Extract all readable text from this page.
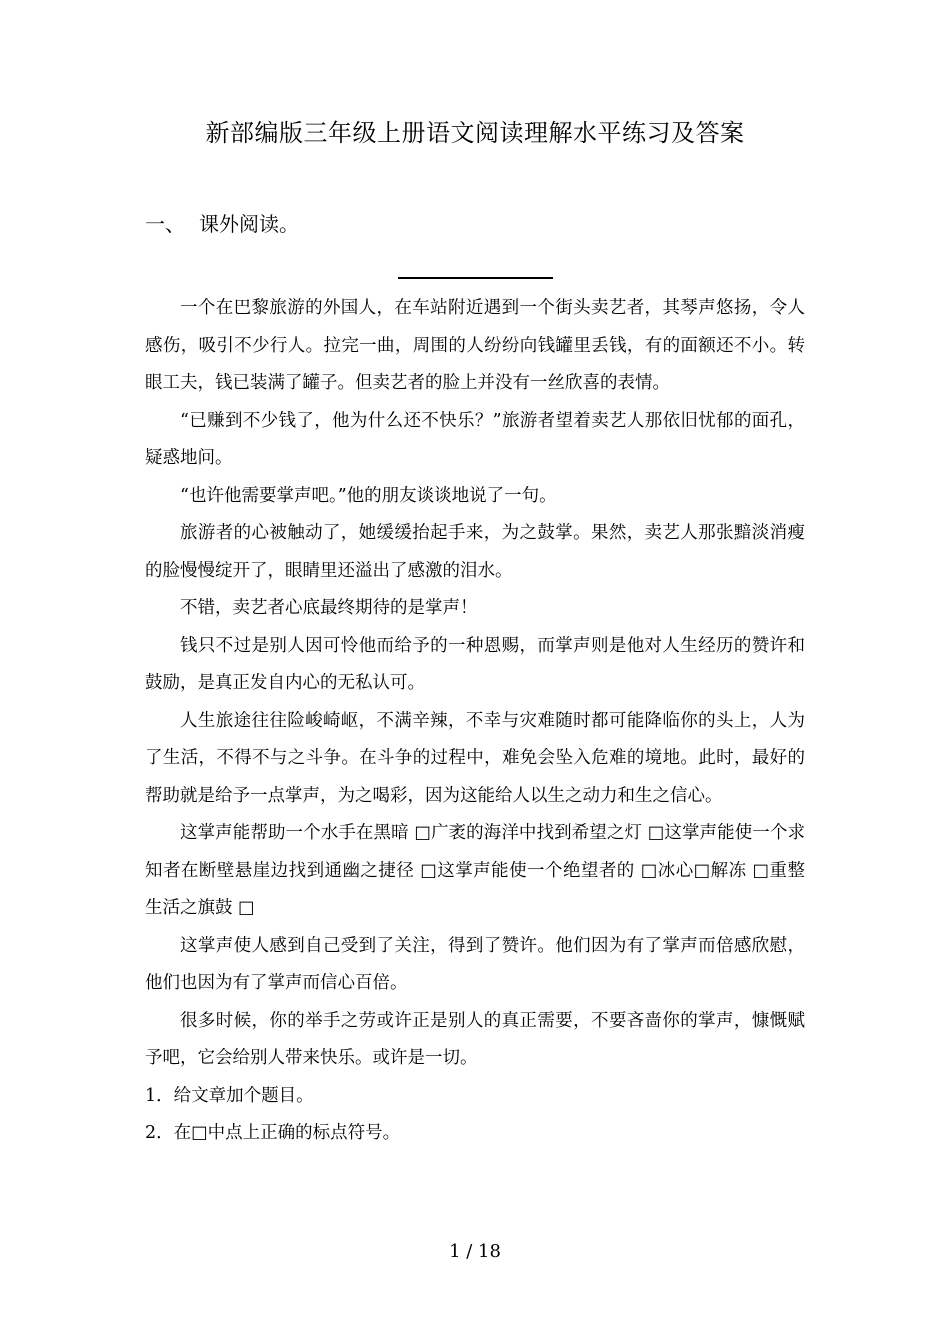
新部编版三年级上册语文阅读理解水平练习及答案
一、 课外阅读。

一个在巴黎旅游的外国人，在车站附近遇到一个街头卖艺者，其琴声悠扬，令人感伤，吸引不少行人。拉完一曲，周围的人纷纷向钱罐里丢钱，有的面额还不小。转眼工夫，钱已装满了罐子。但卖艺者的脸上并没有一丝欣喜的表情。

“已赚到不少钱了，他为什么还不快乐？”旅游者望着卖艺人那依旧忧郁的面孔，疑惑地问。

“也许他需要掌声吧。”他的朋友谈谈地说了一句。

旅游者的心被触动了，她缓缓抬起手来，为之鼓掌。果然，卖艺人那张黯淡消瘦的脸慢慢绽开了，眼睛里还溢出了感激的泪水。

不错，卖艺者心底最终期待的是掌声！

钱只不过是别人因可怜他而给予的一种恩赐，而掌声则是他对人生经历的赞许和鼓励，是真正发自内心的无私认可。

人生旅途往往险峻崎岖，不满辛辣，不幸与灾难随时都可能降临你的头上，人为了生活，不得不与之斗争。在斗争的过程中，难免会坠入危难的境地。此时，最好的帮助就是给予一点掌声，为之喝彩，因为这能给人以生之动力和生之信心。

这掌声能帮助一个水手在黑暗 □广袤的海洋中找到希望之灯 □这掌声能使一个求知者在断壁悬崖边找到通幽之捷径 □这掌声能使一个绝望者的 □冰心□解冻 □重整生活之旗鼓 □

这掌声使人感到自己受到了关注，得到了赞许。他们因为有了掌声而倍感欣慰，他们也因为有了掌声而信心百倍。

很多时候，你的举手之劳或许正是别人的真正需要，不要吝啬你的掌声，慷慨赋予吧，它会给别人带来快乐。或许是一切。

1．给文章加个题目。

2．在□中点上正确的标点符号。

1 / 18
